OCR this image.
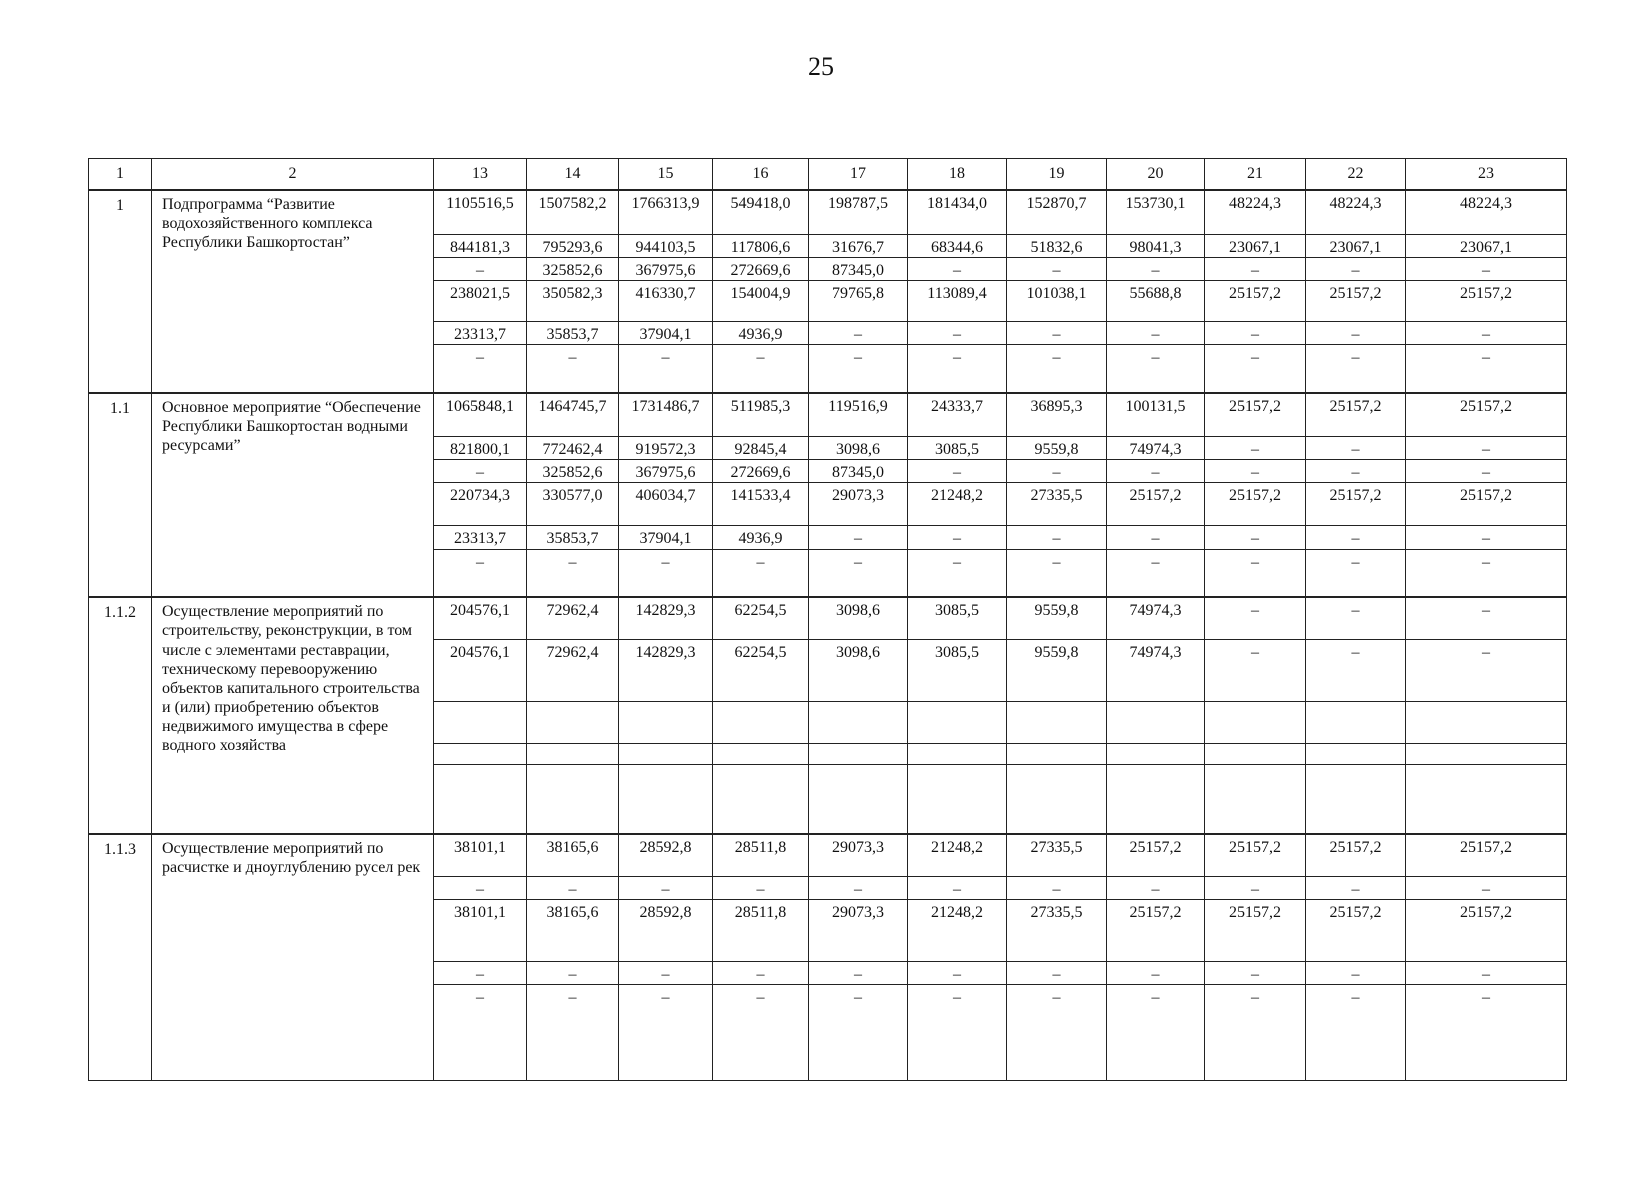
25
1	2	13	14	15	16	17	18	19	20	21	22	23
1	Подпрограмма “Развитие водохозяйственного комплекса Республики Башкортостан”	1105516,5	1507582,2	1766313,9	549418,0	198787,5	181434,0	152870,7	153730,1	48224,3	48224,3	48224,3
		844181,3	795293,6	944103,5	117806,6	31676,7	68344,6	51832,6	98041,3	23067,1	23067,1	23067,1
		–	325852,6	367975,6	272669,6	87345,0	–	–	–	–	–	–
		238021,5	350582,3	416330,7	154004,9	79765,8	113089,4	101038,1	55688,8	25157,2	25157,2	25157,2
		23313,7	35853,7	37904,1	4936,9	–	–	–	–	–	–	–
		–	–	–	–	–	–	–	–	–	–	–
1.1	Основное мероприятие “Обеспечение Республики Башкортостан водными ресурсами”	1065848,1	1464745,7	1731486,7	511985,3	119516,9	24333,7	36895,3	100131,5	25157,2	25157,2	25157,2
		821800,1	772462,4	919572,3	92845,4	3098,6	3085,5	9559,8	74974,3	–	–	–
		–	325852,6	367975,6	272669,6	87345,0	–	–	–	–	–	–
		220734,3	330577,0	406034,7	141533,4	29073,3	21248,2	27335,5	25157,2	25157,2	25157,2	25157,2
		23313,7	35853,7	37904,1	4936,9	–	–	–	–	–	–	–
		–	–	–	–	–	–	–	–	–	–	–
1.1.2	Осуществление мероприятий по строительству, реконструкции, в том числе с элементами реставрации, техническому перевооружению объектов капитального строительства и (или) приобретению объектов недвижимого имущества в сфере водного хозяйства	204576,1	72962,4	142829,3	62254,5	3098,6	3085,5	9559,8	74974,3	–	–	–
		204576,1	72962,4	142829,3	62254,5	3098,6	3085,5	9559,8	74974,3	–	–	–

1.1.3	Осуществление мероприятий по расчистке и дноуглублению русел рек	38101,1	38165,6	28592,8	28511,8	29073,3	21248,2	27335,5	25157,2	25157,2	25157,2	25157,2
		–	–	–	–	–	–	–	–	–	–	–
		38101,1	38165,6	28592,8	28511,8	29073,3	21248,2	27335,5	25157,2	25157,2	25157,2	25157,2
		–	–	–	–	–	–	–	–	–	–	–
		–	–	–	–	–	–	–	–	–	–	–
